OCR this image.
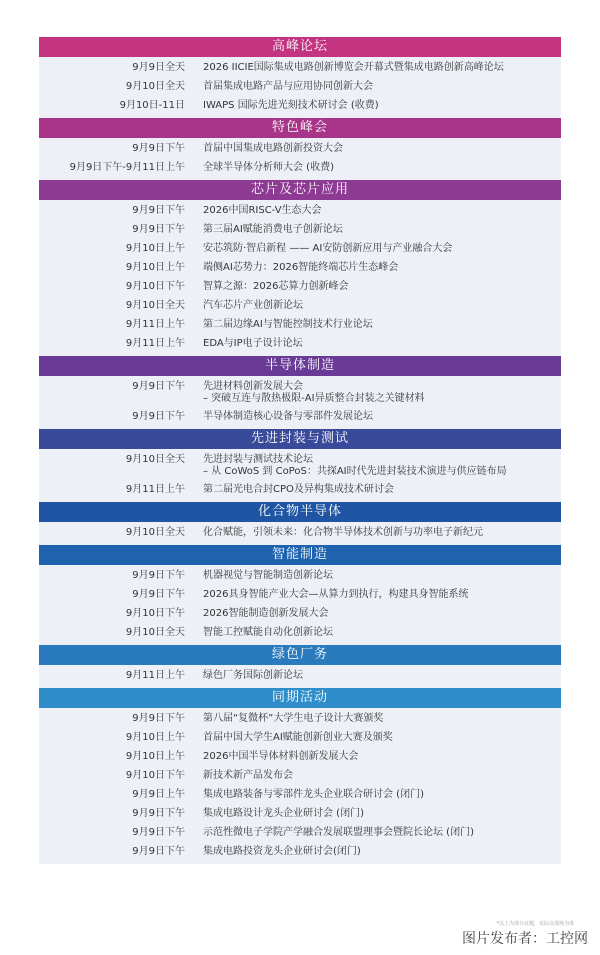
高峰论坛
9月9日全天 2026 IICIE国际集成电路创新博览会开幕式暨集成电路创新高峰论坛
9月10日全天 首届集成电路产品与应用协同创新大会
9月10日-11日 IWAPS 国际先进光刻技术研讨会 (收费)
特色峰会
9月9日下午 首届中国集成电路创新投资大会
9月9日下午-9月11日上午 全球半导体分析师大会 (收费)
芯片及芯片应用
9月9日下午 2026中国RISC-V生态大会
9月9日下午 第三届AI赋能消费电子创新论坛
9月10日上午 安芯筑防·智启新程 —— AI安防创新应用与产业融合大会
9月10日上午 端侧AI芯势力：2026智能终端芯片生态峰会
9月10日下午 智算之源：2026芯算力创新峰会
9月10日全天 汽车芯片产业创新论坛
9月11日上午 第二届边缘AI与智能控制技术行业论坛
9月11日上午 EDA与IP电子设计论坛
半导体制造
9月9日下午 先进材料创新发展大会
– 突破互连与散热极限-AI异质整合封装之关键材料
9月9日下午 半导体制造核心设备与零部件发展论坛
先进封装与测试
9月10日全天 先进封装与测试技术论坛
– 从 CoWoS 到 CoPoS：共探AI时代先进封装技术演进与供应链布局
9月11日上午 第二届光电合封CPO及异构集成技术研讨会
化合物半导体
9月10日全天 化合赋能，引领未来：化合物半导体技术创新与功率电子新纪元
智能制造
9月9日下午 机器视觉与智能制造创新论坛
9月9日下午 2026具身智能产业大会—从算力到执行，构建具身智能系统
9月10日下午 2026智能制造创新发展大会
9月10日全天 智能工控赋能自动化创新论坛
绿色厂务
9月11日上午 绿色厂务国际创新论坛
同期活动
9月9日下午 第八届“复微杯”大学生电子设计大赛颁奖
9月10日上午 首届中国大学生AI赋能创新创业大赛及颁奖
9月10日上午 2026中国半导体材料创新发展大会
9月10日下午 新技术新产品发布会
9月9日上午 集成电路装备与零部件龙头企业联合研讨会 (闭门)
9月9日下午 集成电路设计龙头企业研讨会 (闭门)
9月9日下午 示范性微电子学院产学融合发展联盟理事会暨院长论坛 (闭门)
9月9日下午 集成电路投资龙头企业研讨会(闭门)
*以上为部分议题，实际以现场为准
图片发布者：工控网
